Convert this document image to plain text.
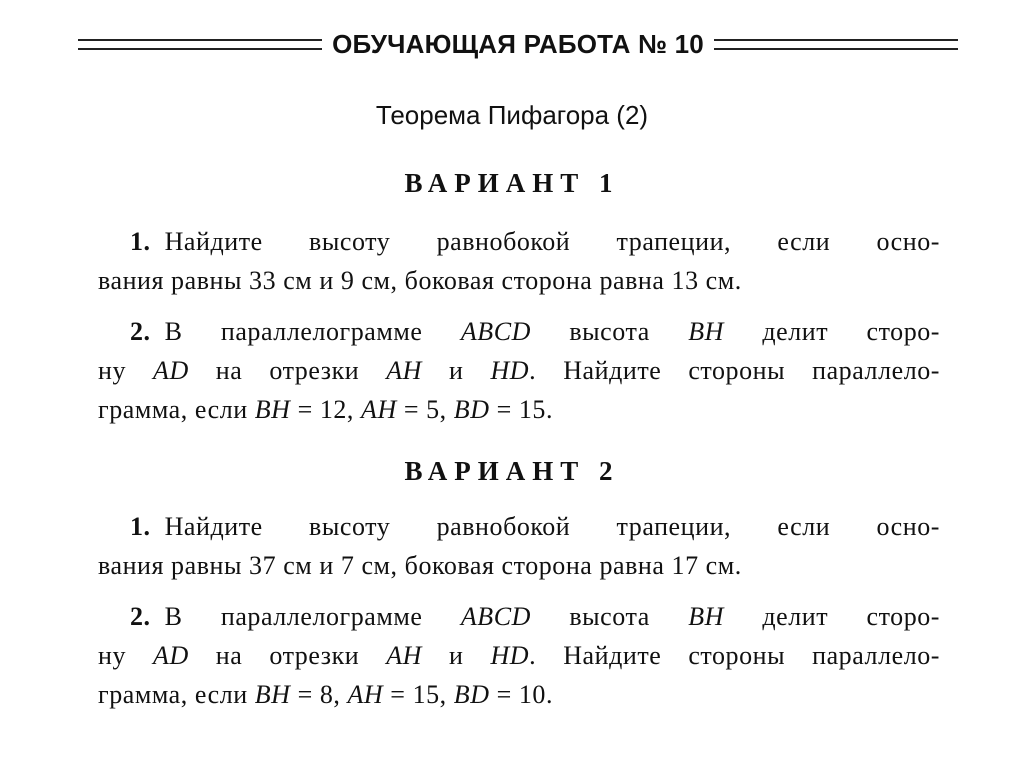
ОБУЧАЮЩАЯ РАБОТА № 10
Теорема Пифагора (2)
ВАРИАНТ 1
1. Найдите высоту равнобокой трапеции, если осно-
вания равны 33 см и 9 см, боковая сторона равна 13 см.
2. В параллелограмме ABCD высота BH делит сторо-
ну AD на отрезки AH и HD. Найдите стороны параллело-
грамма, если BH = 12, AH = 5, BD = 15.
ВАРИАНТ 2
1. Найдите высоту равнобокой трапеции, если осно-
вания равны 37 см и 7 см, боковая сторона равна 17 см.
2. В параллелограмме ABCD высота BH делит сторо-
ну AD на отрезки AH и HD. Найдите стороны параллело-
грамма, если BH = 8, AH = 15, BD = 10.
